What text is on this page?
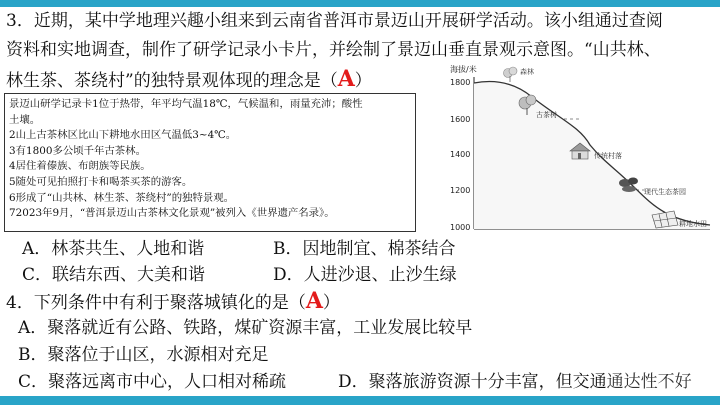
3．近期，某中学地理兴趣小组来到云南省普洱市景迈山开展研学活动。该小组通过查阅
资料和实地调查，制作了研学记录小卡片，并绘制了景迈山垂直景观示意图。“山共林、
林生茶、茶绕村”的独特景观体现的理念是（A）
景迈山研学记录卡1位于热带，年平均气温18℃，气候温和，雨量充沛；酸性
土壤。
2山上古茶林区比山下耕地水田区气温低3~4℃。
3有1800多公顷千年古茶林。
4居住着傣族、布朗族等民族。
5随处可见拍照打卡和喝茶买茶的游客。
6形成了“山共林、林生茶、茶绕村”的独特景观。
72023年9月，“普洱景迈山古茶林文化景观”被列入《世界遗产名录》。
海拔/米
1800
1600
1400
1200
1000
森林
古茶树
传统村落
现代生态茶园
耕地水田
A．林茶共生、人地和谐	B．因地制宜、棉茶结合
C．联结东西、大美和谐	D．人进沙退、止沙生绿
4．下列条件中有利于聚落城镇化的是（A）
A．聚落就近有公路、铁路，煤矿资源丰富，工业发展比较早
B．聚落位于山区，水源相对充足
C．聚落远离市中心，人口相对稀疏	D．聚落旅游资源十分丰富，但交通通达性不好
